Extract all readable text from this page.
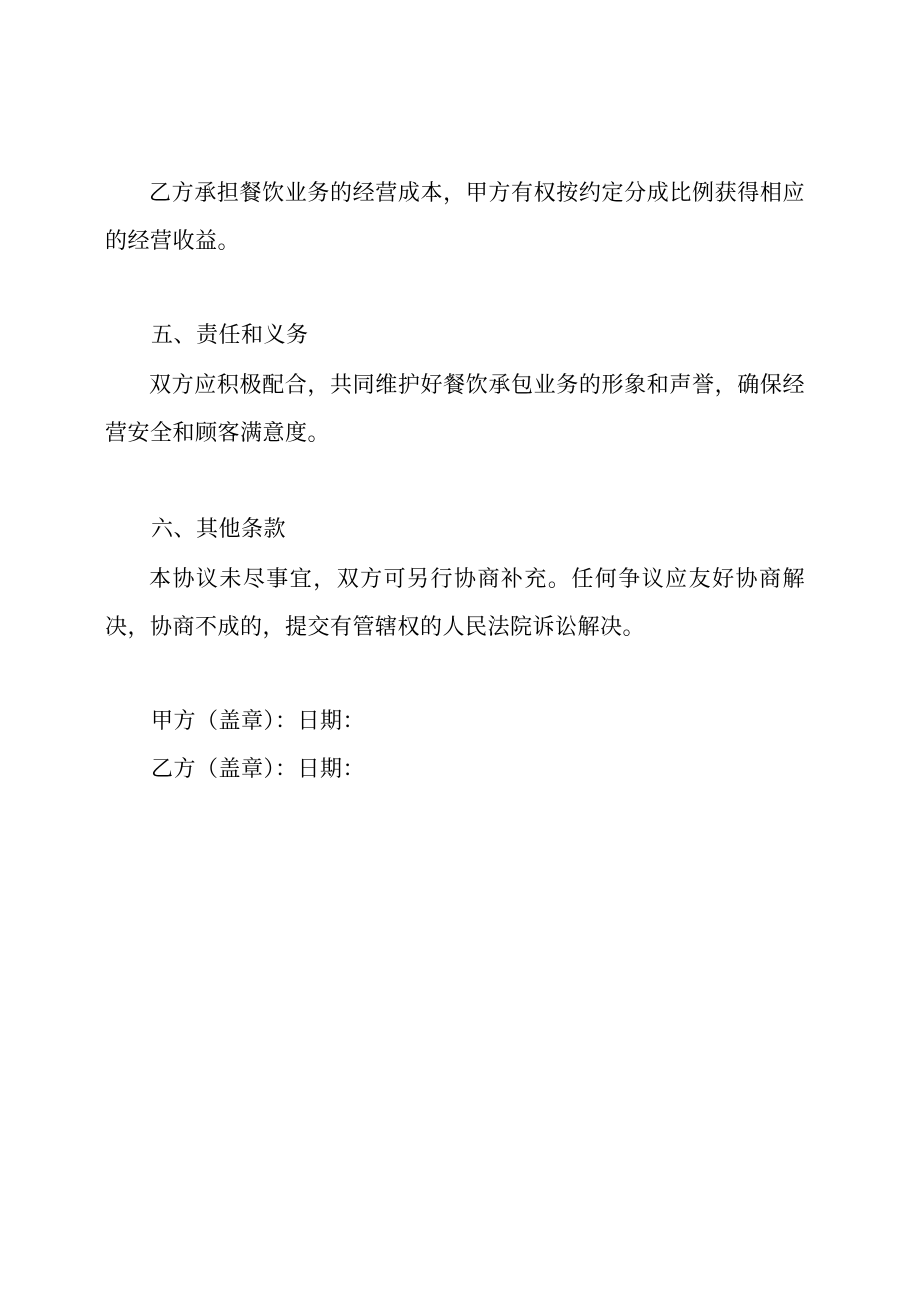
乙方承担餐饮业务的经营成本，甲方有权按约定分成比例获得相应的经营收益。

五、责任和义务

双方应积极配合，共同维护好餐饮承包业务的形象和声誉，确保经营安全和顾客满意度。

六、其他条款

本协议未尽事宜，双方可另行协商补充。任何争议应友好协商解决，协商不成的，提交有管辖权的人民法院诉讼解决。

甲方（盖章）：日期：

乙方（盖章）：日期：
